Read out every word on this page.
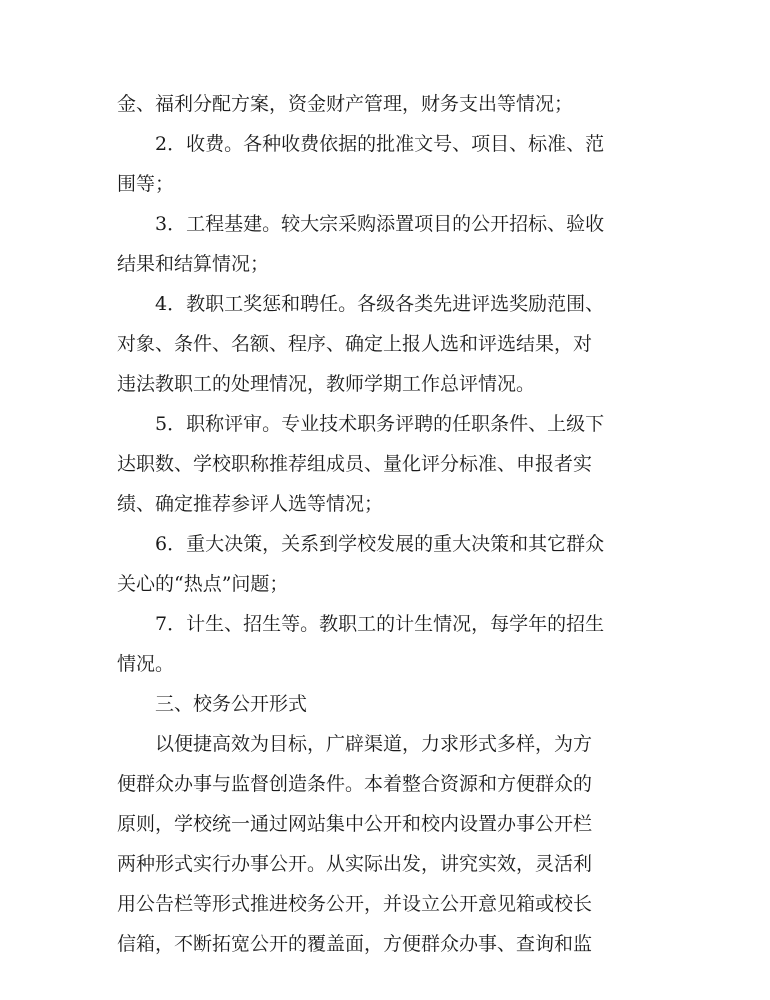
金、福利分配方案，资金财产管理，财务支出等情况；
2．收费。各种收费依据的批准文号、项目、标准、范
围等；
3．工程基建。较大宗采购添置项目的公开招标、验收
结果和结算情况；
4．教职工奖惩和聘任。各级各类先进评选奖励范围、
对象、条件、名额、程序、确定上报人选和评选结果，对
违法教职工的处理情况，教师学期工作总评情况。
5．职称评审。专业技术职务评聘的任职条件、上级下
达职数、学校职称推荐组成员、量化评分标准、申报者实
绩、确定推荐参评人选等情况；
6．重大决策，关系到学校发展的重大决策和其它群众
关心的“热点”问题；
7．计生、招生等。教职工的计生情况，每学年的招生
情况。
三、校务公开形式
以便捷高效为目标，广辟渠道，力求形式多样，为方
便群众办事与监督创造条件。本着整合资源和方便群众的
原则，学校统一通过网站集中公开和校内设置办事公开栏
两种形式实行办事公开。从实际出发，讲究实效，灵活利
用公告栏等形式推进校务公开，并设立公开意见箱或校长
信箱，不断拓宽公开的覆盖面，方便群众办事、查询和监
